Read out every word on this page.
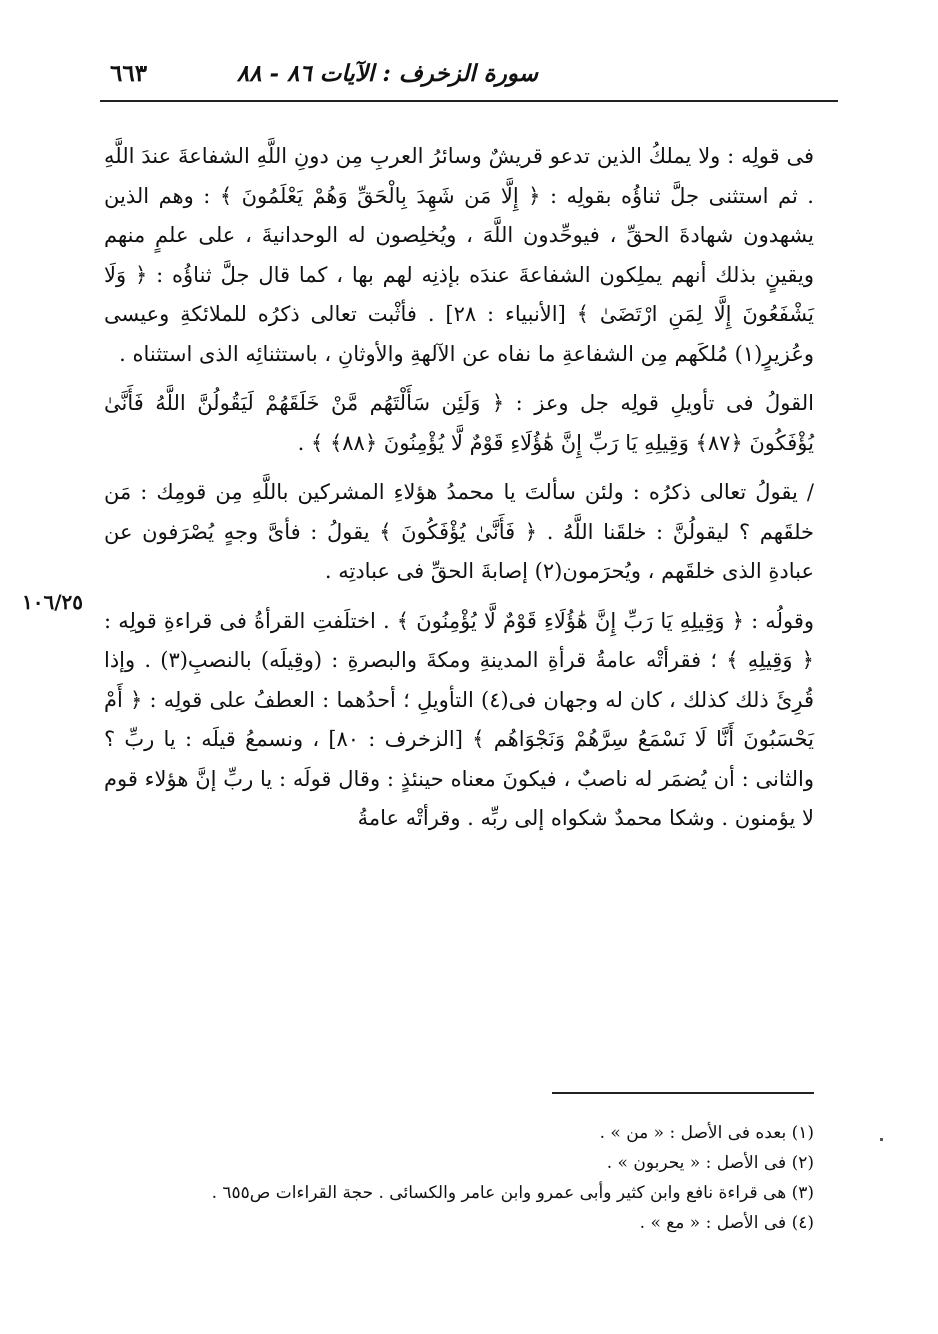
سورة الزخرف : الآيات ٨٦ - ٨٨
٦٦٣
١٠٦/٢٥

فى قولِه : ولا يملكُ الذين تدعو قريشٌ وسائرُ العربِ مِن دونِ اللَّهِ الشفاعةَ عندَ اللَّهِ . ثم استثنى جلَّ ثناؤُه بقولِه : ﴿ إِلَّا مَن شَهِدَ بِالْحَقِّ وَهُمْ يَعْلَمُونَ ﴾ : وهم الذين يشهدون شهادةَ الحقِّ ، فيوحِّدون اللَّهَ ، ويُخلِصون له الوحدانيةَ ، على علمٍ منهم ويقينٍ بذلك أنهم يملِكون الشفاعةَ عندَه بإذنِه لهم بها ، كما قال جلَّ ثناؤُه : ﴿ وَلَا يَشْفَعُونَ إِلَّا لِمَنِ ارْتَضَىٰ ﴾ [الأنبياء : ٢٨] . فأثْبت تعالى ذكرُه للملائكةِ وعيسى وعُزيرٍ(١) مُلكَهم مِن الشفاعةِ ما نفاه عن الآلهةِ والأوثانِ ، باستثنائِه الذى استثناه .

القولُ فى تأويلِ قولِه جل وعز : ﴿ وَلَئِن سَأَلْتَهُم مَّنْ خَلَقَهُمْ لَيَقُولُنَّ اللَّهُ فَأَنَّىٰ يُؤْفَكُونَ ﴿٨٧﴾ وَقِيلِهِ يَا رَبِّ إِنَّ هَٰؤُلَاءِ قَوْمٌ لَّا يُؤْمِنُونَ ﴿٨٨﴾ ﴾ .

/ يقولُ تعالى ذكرُه : ولئن سألتَ يا محمدُ هؤلاءِ المشركين باللَّهِ مِن قومِك : مَن خلقَهم ؟ ليقولُنَّ : خلقَنا اللَّهُ . ﴿ فَأَنَّىٰ يُؤْفَكُونَ ﴾ يقولُ : فأىَّ وجهٍ يُصْرَفون عن عبادةِ الذى خلقَهم ، ويُحرَمون(٢) إصابةَ الحقِّ فى عبادتِه .

وقولُه : ﴿ وَقِيلِهِ يَا رَبِّ إِنَّ هَٰؤُلَاءِ قَوْمٌ لَّا يُؤْمِنُونَ ﴾ . اختلَفتِ القرأةُ فى قراءةِ قولِه : ﴿ وَقِيلِهِ ﴾ ؛ فقرأتْه عامةُ قرأةِ المدينةِ ومكةَ والبصرةِ : (وقِيلَه) بالنصبِ(٣) . وإذا قُرِئَ ذلك كذلك ، كان له وجهان فى(٤) التأويلِ ؛ أحدُهما : العطفُ على قولِه : ﴿ أَمْ يَحْسَبُونَ أَنَّا لَا نَسْمَعُ سِرَّهُمْ وَنَجْوَاهُم ﴾ [الزخرف : ٨٠] ، ونسمعُ قيلَه : يا ربِّ ؟ والثانى : أن يُضمَر له ناصبٌ ، فيكونَ معناه حينئذٍ : وقال قولَه : يا ربِّ إنَّ هؤلاء قوم لا يؤمنون . وشكا محمدٌ شكواه إلى ربِّه . وقرأتْه عامةُ

(١) بعده فى الأصل : « من » .

(٢) فى الأصل : « يحربون » .

(٣) هى قراءة نافع وابن كثير وأبى عمرو وابن عامر والكسائى . حجة القراءات ص٦٥٥ .

(٤) فى الأصل : « مع » .
